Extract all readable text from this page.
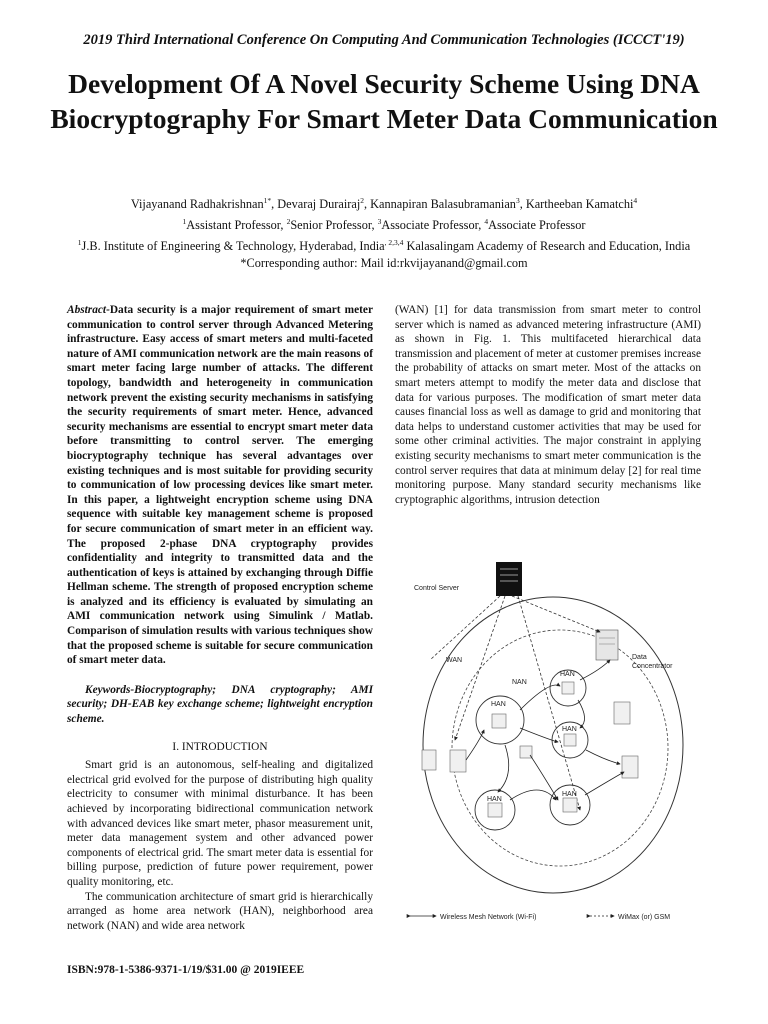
2019 Third International Conference On Computing And Communication Technologies (ICCCT'19)
Development Of A Novel Security Scheme Using DNA Biocryptography For Smart Meter Data Communication
Vijayanand Radhakrishnan$^{1*}$, Devaraj Durairaj$^2$, Kannapiran Balasubramanian$^3$, Kartheeban Kamatchi$^4$
$^1$Assistant Professor, $^2$Senior Professor, $^3$Associate Professor, $^4$Associate Professor
$^1$J.B. Institute of Engineering & Technology, Hyderabad, India$^{, 2,3,4}$ Kalasalingam Academy of Research and Education, India
*Corresponding author: Mail id:rkvijayanand@gmail.com

Abstract-Data security is a major requirement of smart meter communication to control server through Advanced Metering infrastructure. Easy access of smart meters and multi-faceted nature of AMI communication network are the main reasons of smart meter facing large number of attacks. The different topology, bandwidth and heterogeneity in communication network prevent the existing security mechanisms in satisfying the security requirements of smart meter. Hence, advanced security mechanisms are essential to encrypt smart meter data before transmitting to control server. The emerging biocryptography technique has several advantages over existing techniques and is most suitable for providing security to communication of low processing devices like smart meter. In this paper, a lightweight encryption scheme using DNA sequence with suitable key management scheme is proposed for secure communication of smart meter in an efficient way. The proposed 2-phase DNA cryptography provides confidentiality and integrity to transmitted data and the authentication of keys is attained by exchanging through Diffie Hellman scheme. The strength of proposed encryption scheme is analyzed and its efficiency is evaluated by simulating an AMI communication network using Simulink / Matlab. Comparison of simulation results with various techniques show that the proposed scheme is suitable for secure communication of smart meter data.

Keywords-Biocryptography; DNA cryptography; AMI security; DH-EAB key exchange scheme; lightweight encryption scheme.

I. INTRODUCTION

Smart grid is an autonomous, self-healing and digitalized electrical grid evolved for the purpose of distributing high quality electricity to consumer with minimal disturbance. It has been achieved by incorporating bidirectional communication network with advanced devices like smart meter, phasor measurement unit, meter data management system and other advanced power components of electrical grid. The smart meter data is essential for billing purpose, prediction of future power requirement, power quality monitoring, etc.

The communication architecture of smart grid is hierarchically arranged as home area network (HAN), neighborhood area network (NAN) and wide area network

(WAN) [1] for data transmission from smart meter to control server which is named as advanced metering infrastructure (AMI) as shown in Fig. 1. This multifaceted hierarchical data transmission and placement of meter at customer premises increase the probability of attacks on smart meter. Most of the attacks on smart meters attempt to modify the meter data and disclose that data for various purposes. The modification of smart meter data causes financial loss as well as damage to grid and monitoring that data helps to understand customer activities that may be used for some other criminal activities. The major constraint in applying existing security mechanisms to smart meter communication is the control server requires that data at minimum delay [2] for real time monitoring purpose. Many standard security mechanisms like cryptographic algorithms, intrusion detection

Control Server
Data
Concentrator
WAN
NAN
HAN
HAN
HAN
HAN
HAN
Wireless Mesh Network (Wi-Fi)	WiMax (or) GSM
ISBN:978-1-5386-9371-1/19/$31.00 @ 2019IEEE
